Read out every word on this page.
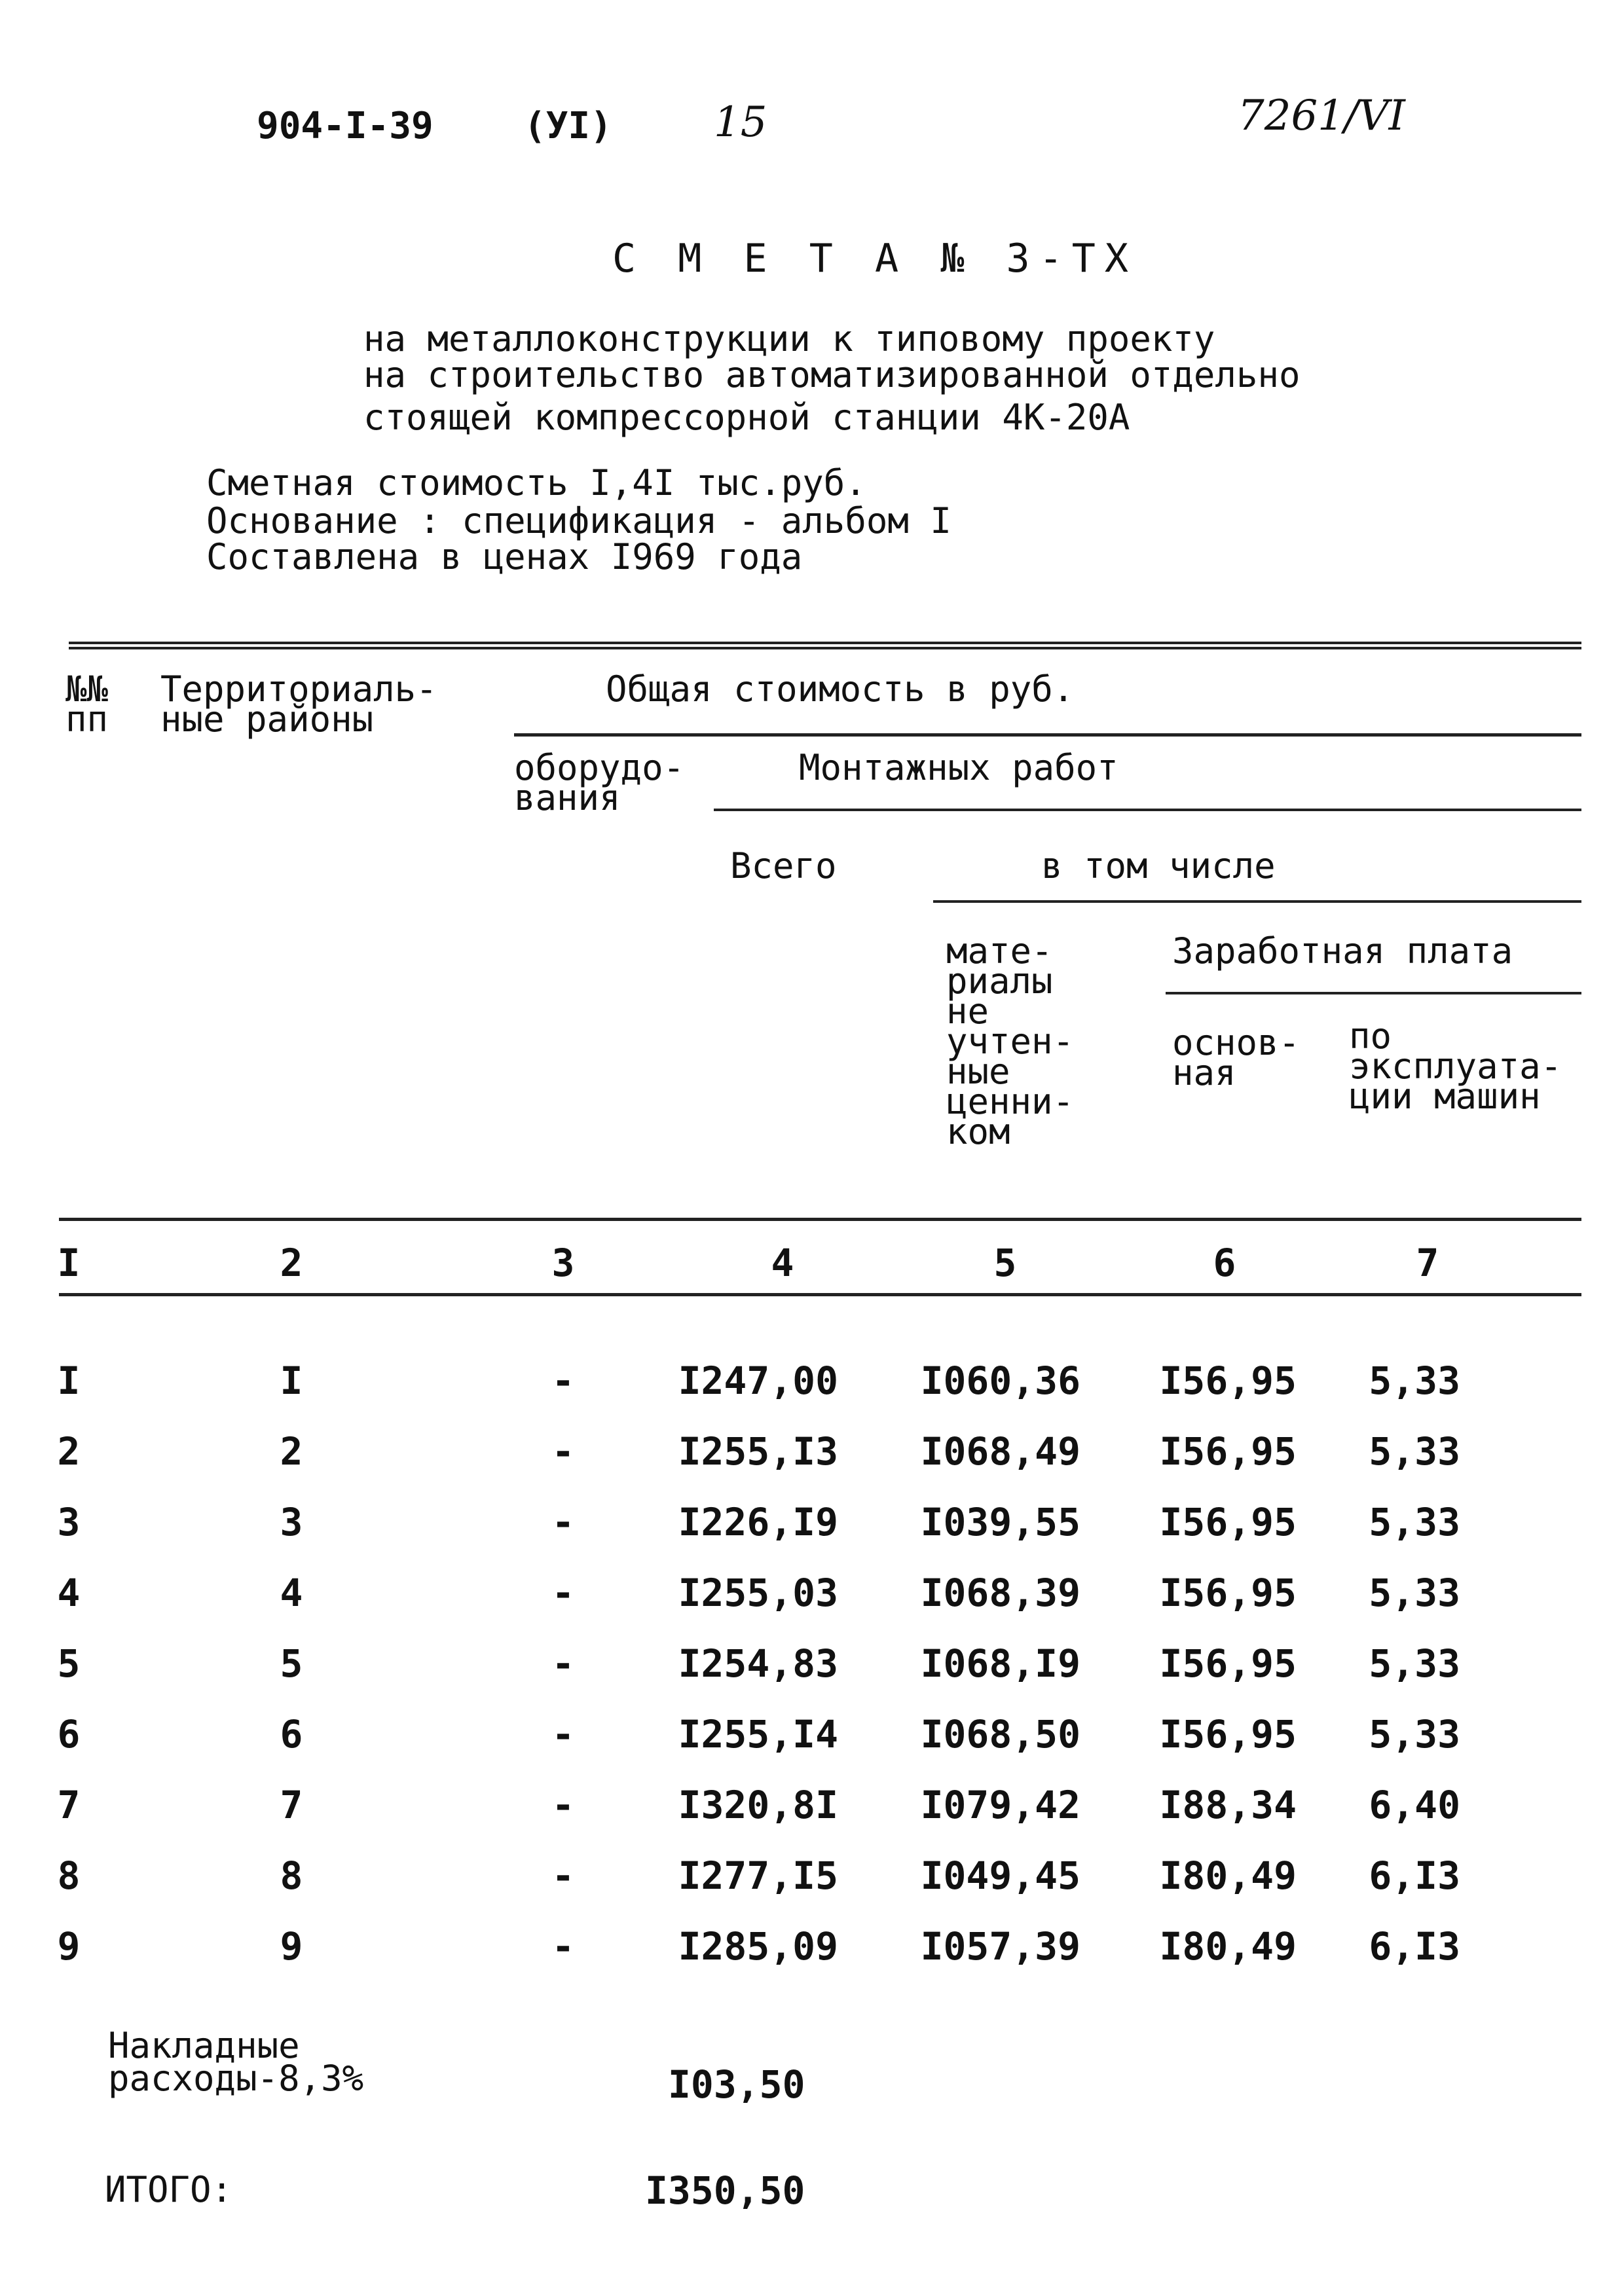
904-I-39 (УI) 15	7261/VI
С М Е Т А № 3-ТХ
на металлоконструкции к типовому проекту
на строительство автоматизированной отдельно
стоящей компрессорной станции 4К-20А
Сметная стоимость I,4I тыс.руб.
Основание : спецификация - альбом I
Составлена в ценах I969 года
№№
пп
Территориаль-
ные районы
Общая стоимость в руб.
оборудо-
вания
Монтажных работ
Всего	в том числе
мате-
риалы
не
учтен-
ные
ценни-
ком
Заработная плата
основ-
ная
по
эксплуата-
ции машин
I	2	3	4	5	6	7
I	I	-	I247,00	I060,36	I56,95	5,33
2	2	-	I255,I3	I068,49	I56,95	5,33
3	3	-	I226,I9	I039,55	I56,95	5,33
4	4	-	I255,03	I068,39	I56,95	5,33
5	5	-	I254,83	I068,I9	I56,95	5,33
6	6	-	I255,I4	I068,50	I56,95	5,33
7	7	-	I320,8I	I079,42	I88,34	6,40
8	8	-	I277,I5	I049,45	I80,49	6,I3
9	9	-	I285,09	I057,39	I80,49	6,I3
Накладные
расходы-8,3%	I03,50
ИТОГО:	I350,50
